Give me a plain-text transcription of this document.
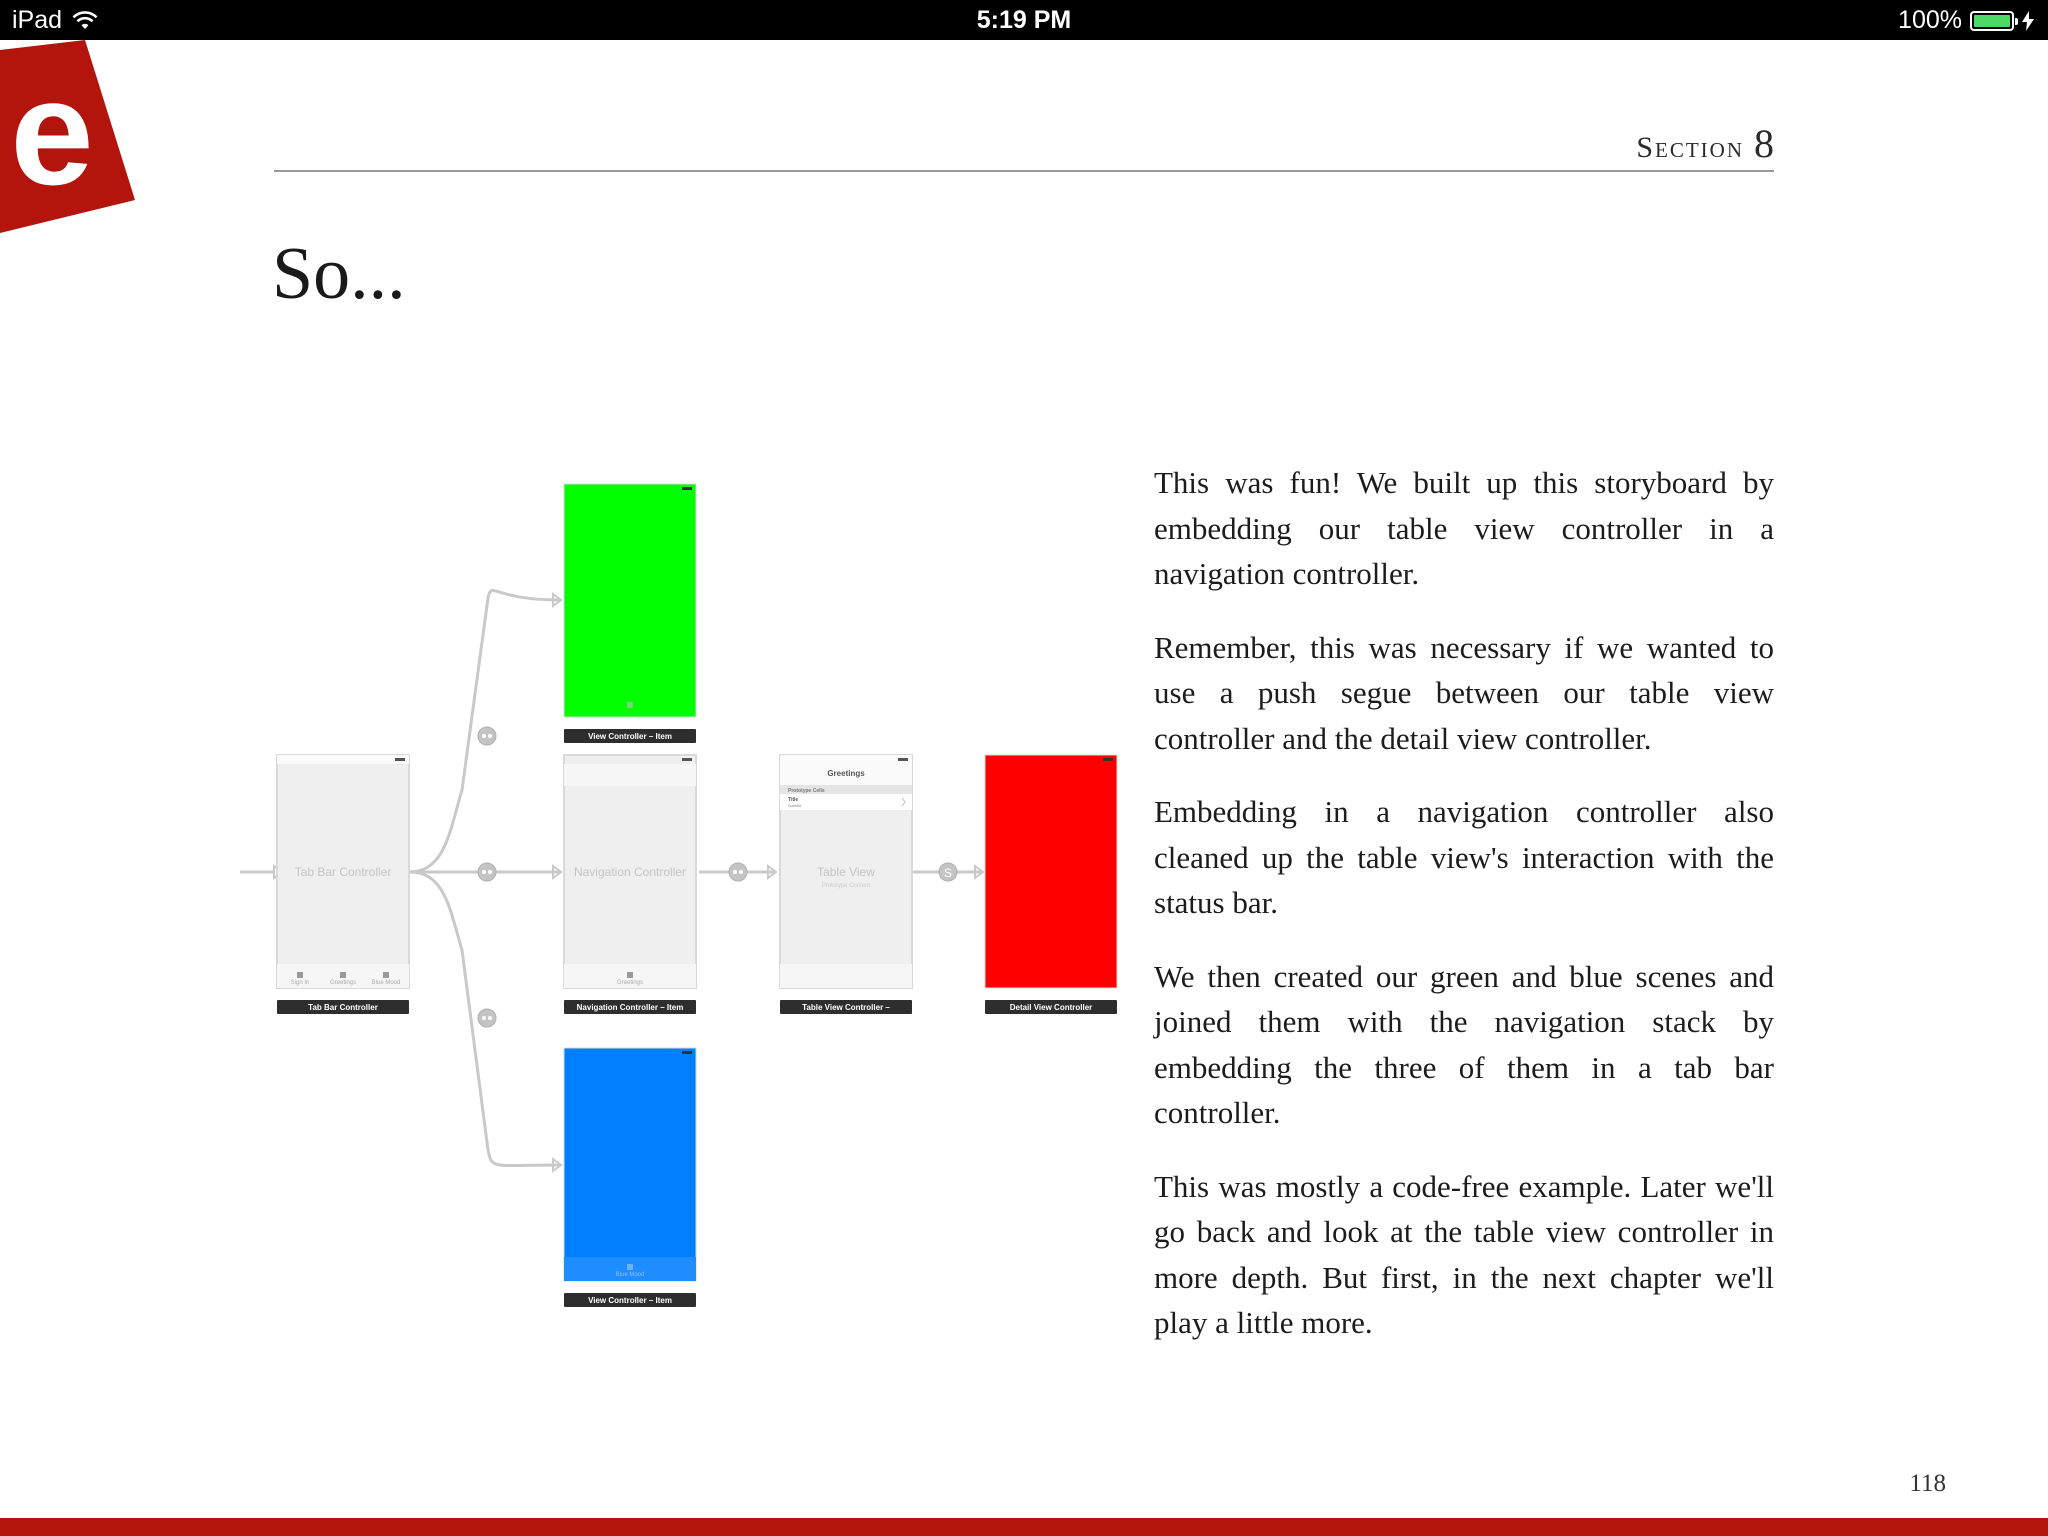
iPad	5:19 PM	100%
e	Section 8
So...
S
Tab Bar Controller
Sign In	Greetings	Blue Mood
Tab Bar Controller
View Controller – Item
Navigation Controller
Greetings
Navigation Controller – Item
Greetings
Prototype Cells
Title
Subtitle
Table View
Prototype Content
Table View Controller –	Detail View Controller
Blue Mood
View Controller – Item

This was fun! We built up this storyboard by embedding our table view controller in a navigation controller.

Remember, this was necessary if we wanted to use a push segue between our table view controller and the detail view controller.

Embedding in a navigation controller also cleaned up the table view's interaction with the status bar.

We then created our green and blue scenes and joined them with the navigation stack by embedding the three of them in a tab bar controller.

This was mostly a code-free example. Later we'll go back and look at the table view controller in more depth. But first, in the next chapter we'll play a little more.

118
